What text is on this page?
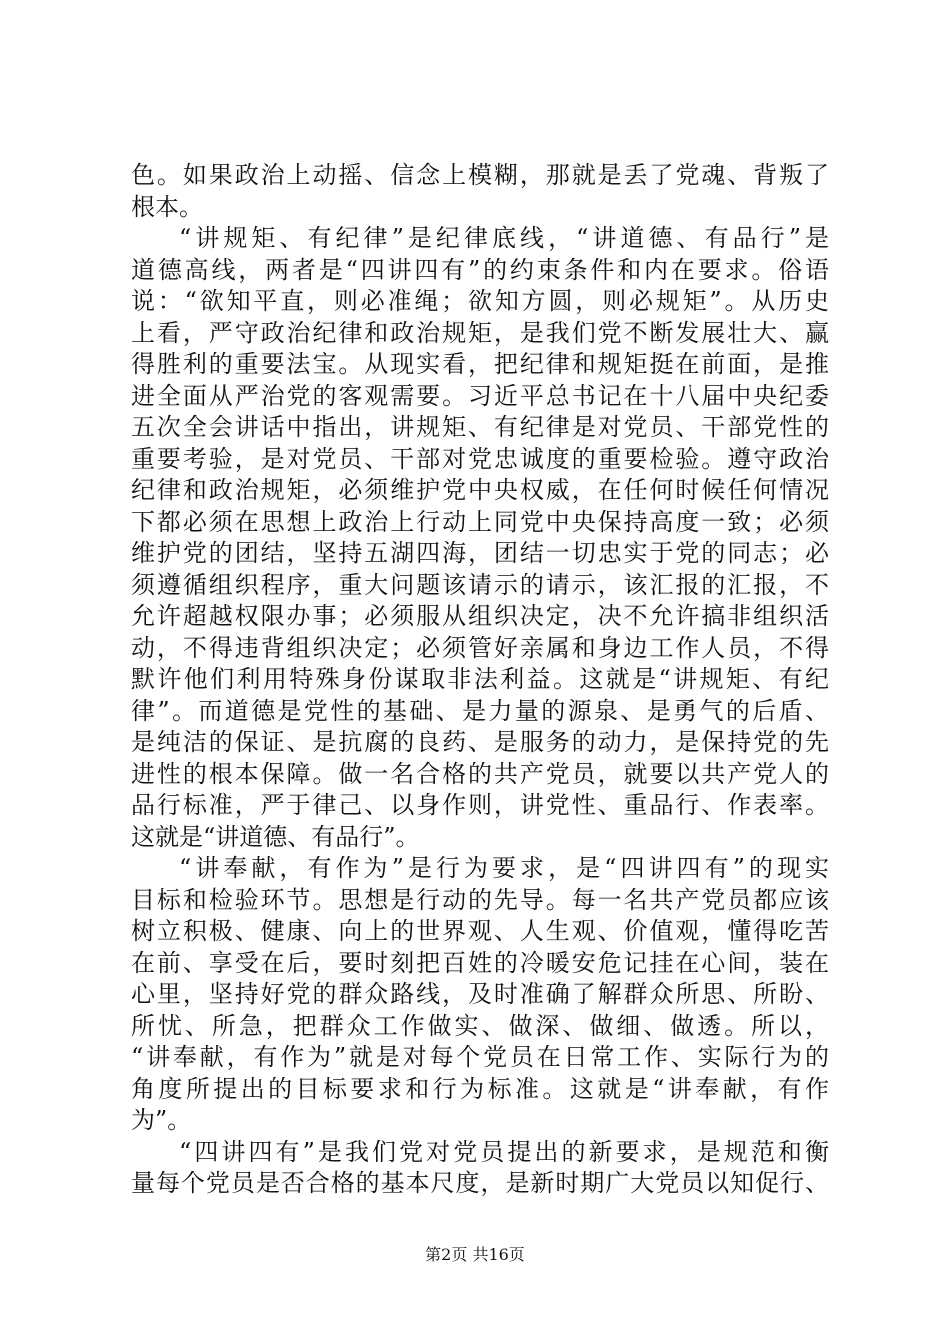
色。如果政治上动摇、信念上模糊，那就是丢了党魂、背叛了
根本。
“讲规矩、有纪律”是纪律底线，“讲道德、有品行”是
道德高线，两者是“四讲四有”的约束条件和内在要求。俗语
说：“欲知平直，则必准绳；欲知方圆，则必规矩”。从历史
上看，严守政治纪律和政治规矩，是我们党不断发展壮大、赢
得胜利的重要法宝。从现实看，把纪律和规矩挺在前面，是推
进全面从严治党的客观需要。习近平总书记在十八届中央纪委
五次全会讲话中指出，讲规矩、有纪律是对党员、干部党性的
重要考验，是对党员、干部对党忠诚度的重要检验。遵守政治
纪律和政治规矩，必须维护党中央权威，在任何时候任何情况
下都必须在思想上政治上行动上同党中央保持高度一致；必须
维护党的团结，坚持五湖四海，团结一切忠实于党的同志；必
须遵循组织程序，重大问题该请示的请示，该汇报的汇报，不
允许超越权限办事；必须服从组织决定，决不允许搞非组织活
动，不得违背组织决定；必须管好亲属和身边工作人员，不得
默许他们利用特殊身份谋取非法利益。这就是“讲规矩、有纪
律”。而道德是党性的基础、是力量的源泉、是勇气的后盾、
是纯洁的保证、是抗腐的良药、是服务的动力，是保持党的先
进性的根本保障。做一名合格的共产党员，就要以共产党人的
品行标准，严于律己、以身作则，讲党性、重品行、作表率。
这就是“讲道德、有品行”。
“讲奉献，有作为”是行为要求，是“四讲四有”的现实
目标和检验环节。思想是行动的先导。每一名共产党员都应该
树立积极、健康、向上的世界观、人生观、价值观，懂得吃苦
在前、享受在后，要时刻把百姓的冷暖安危记挂在心间，装在
心里，坚持好党的群众路线，及时准确了解群众所思、所盼、
所忧、所急，把群众工作做实、做深、做细、做透。所以，
“讲奉献，有作为”就是对每个党员在日常工作、实际行为的
角度所提出的目标要求和行为标准。这就是“讲奉献，有作
为”。
“四讲四有”是我们党对党员提出的新要求，是规范和衡
量每个党员是否合格的基本尺度，是新时期广大党员以知促行、
第2页 共16页
